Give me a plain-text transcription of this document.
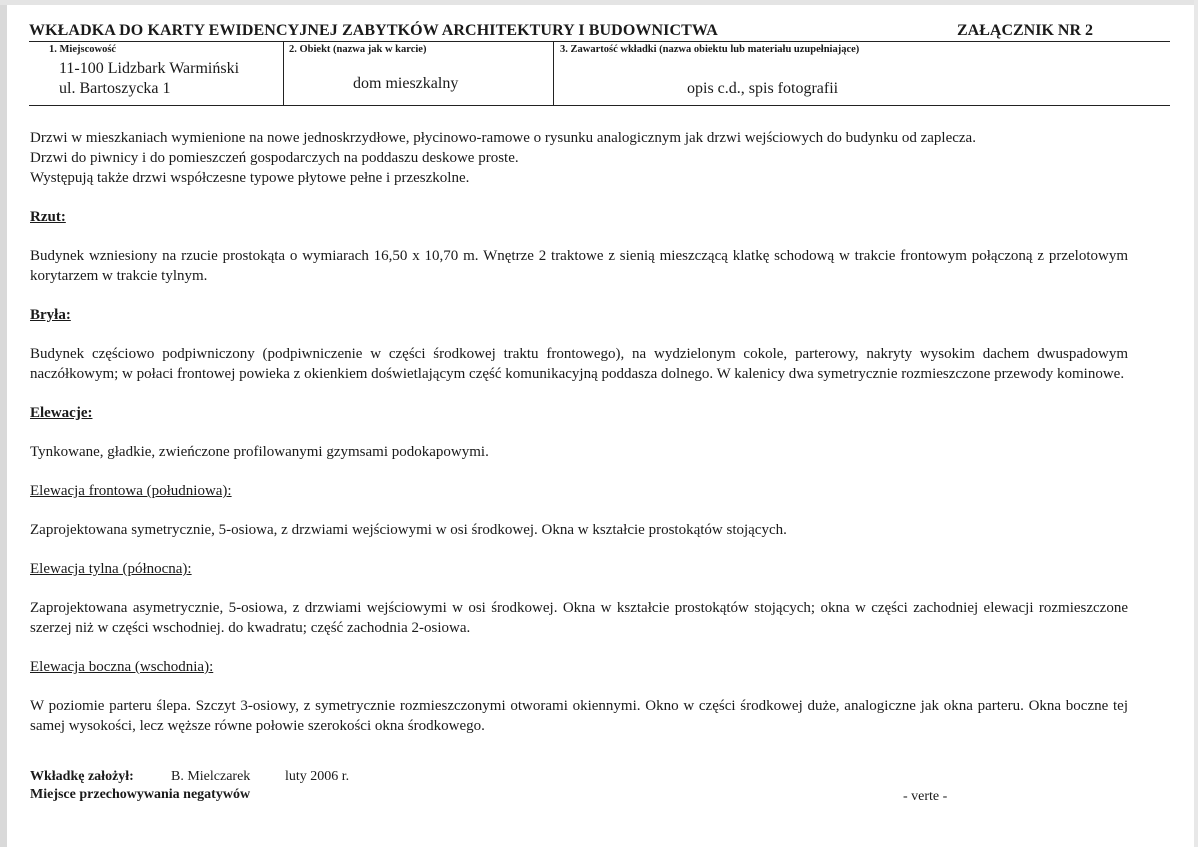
WKŁADKA DO KARTY EWIDENCYJNEJ ZABYTKÓW ARCHITEKTURY I BUDOWNICTWA	ZAŁĄCZNIK NR 2
1. Miejscowość	2. Obiekt (nazwa jak w karcie)	3. Zawartość wkładki (nazwa obiektu lub materiału uzupełniające)
11-100 Lidzbark Warmiński
ul. Bartoszycka 1	dom mieszkalny	opis c.d., spis fotografii

Drzwi w mieszkaniach wymienione na nowe jednoskrzydłowe, płycinowo-ramowe o rysunku analogicznym jak drzwi wejściowych do budynku od zaplecza.

Drzwi do piwnicy i do pomieszczeń gospodarczych na poddaszu deskowe proste.

Występują także drzwi współczesne typowe płytowe pełne i przeszkolne.

Rzut:

Budynek wzniesiony na rzucie prostokąta o wymiarach 16,50 x 10,70 m. Wnętrze 2 traktowe z sienią mieszczącą klatkę schodową w trakcie frontowym połączoną z przelotowym korytarzem w trakcie tylnym.

Bryła:

Budynek częściowo podpiwniczony (podpiwniczenie w części środkowej traktu frontowego), na wydzielonym cokole, parterowy, nakryty wysokim dachem dwuspadowym naczółkowym; w połaci frontowej powieka z okienkiem doświetlającym część komunikacyjną poddasza dolnego. W kalenicy dwa symetrycznie rozmieszczone przewody kominowe.

Elewacje:

Tynkowane, gładkie, zwieńczone profilowanymi gzymsami podokapowymi.

Elewacja frontowa (południowa):

Zaprojektowana symetrycznie, 5-osiowa, z drzwiami wejściowymi w osi środkowej. Okna w kształcie prostokątów stojących.

Elewacja tylna (północna):

Zaprojektowana asymetrycznie, 5-osiowa, z drzwiami wejściowymi w osi środkowej. Okna w kształcie prostokątów stojących; okna w części zachodniej elewacji rozmieszczone szerzej niż w części wschodniej. do kwadratu; część zachodnia 2-osiowa.

Elewacja boczna (wschodnia):

W poziomie parteru ślepa. Szczyt 3-osiowy, z symetrycznie rozmieszczonymi otworami okiennymi. Okno w części środkowej duże, analogiczne jak okna parteru. Okna boczne tej samej wysokości, lecz węższe równe połowie szerokości okna środkowego.

Wkładkę założył:	B. Mielczarek luty 2006 r.
Miejsce przechowywania negatywów	- verte -
